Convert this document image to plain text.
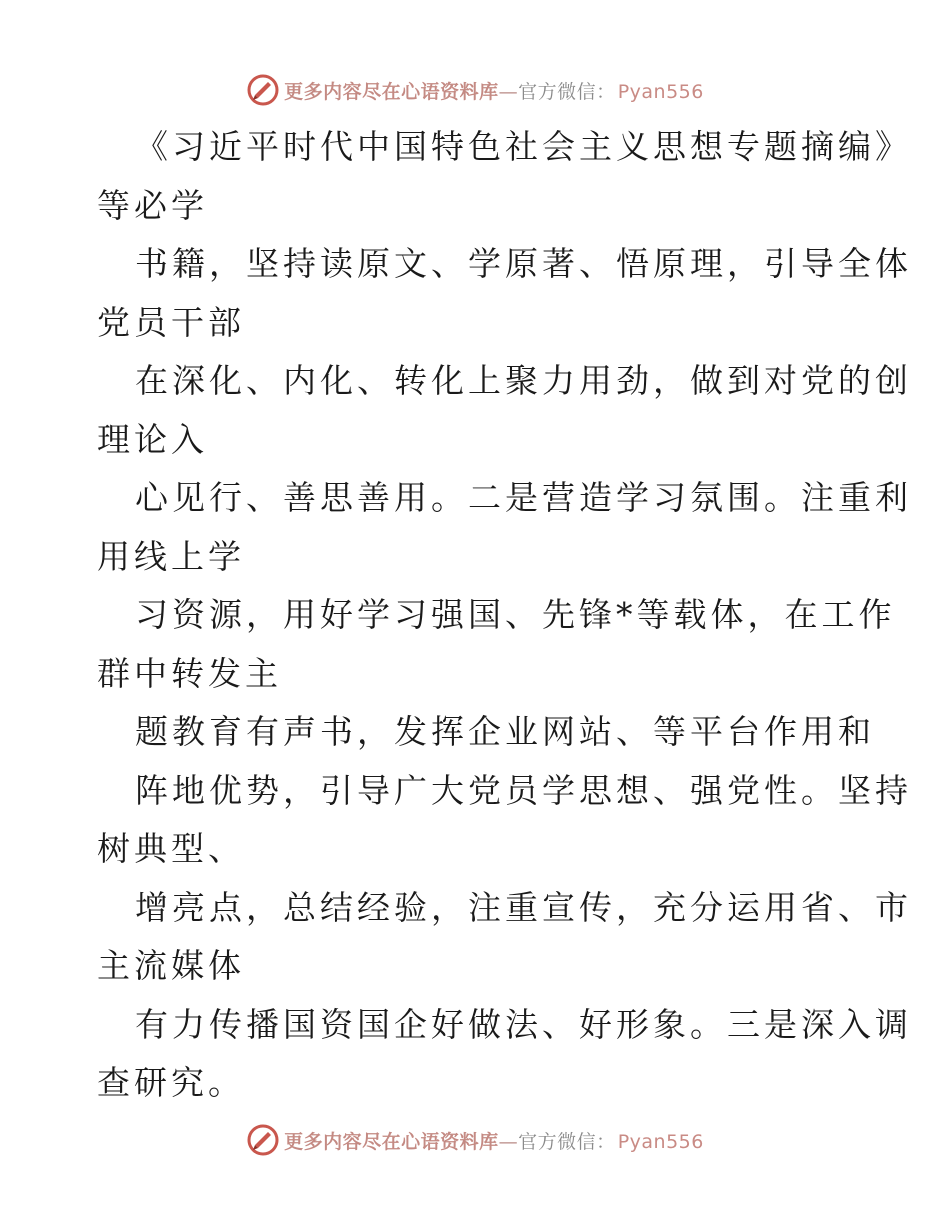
更多内容尽在心语资料库—官方微信： Pyan556
《习近平时代中国特色社会主义思想专题摘编》
等必学
书籍，坚持读原文、学原著、悟原理，引导全体
党员干部
在深化、内化、转化上聚力用劲，做到对党的创
理论入
心见行、善思善用。二是营造学习氛围。注重利
用线上学
习资源，用好学习强国、先锋*等载体，在工作
群中转发主
题教育有声书，发挥企业网站、等平台作用和
阵地优势，引导广大党员学思想、强党性。坚持
树典型、
增亮点，总结经验，注重宣传，充分运用省、市
主流媒体
有力传播国资国企好做法、好形象。三是深入调
查研究。
更多内容尽在心语资料库—官方微信： Pyan556
